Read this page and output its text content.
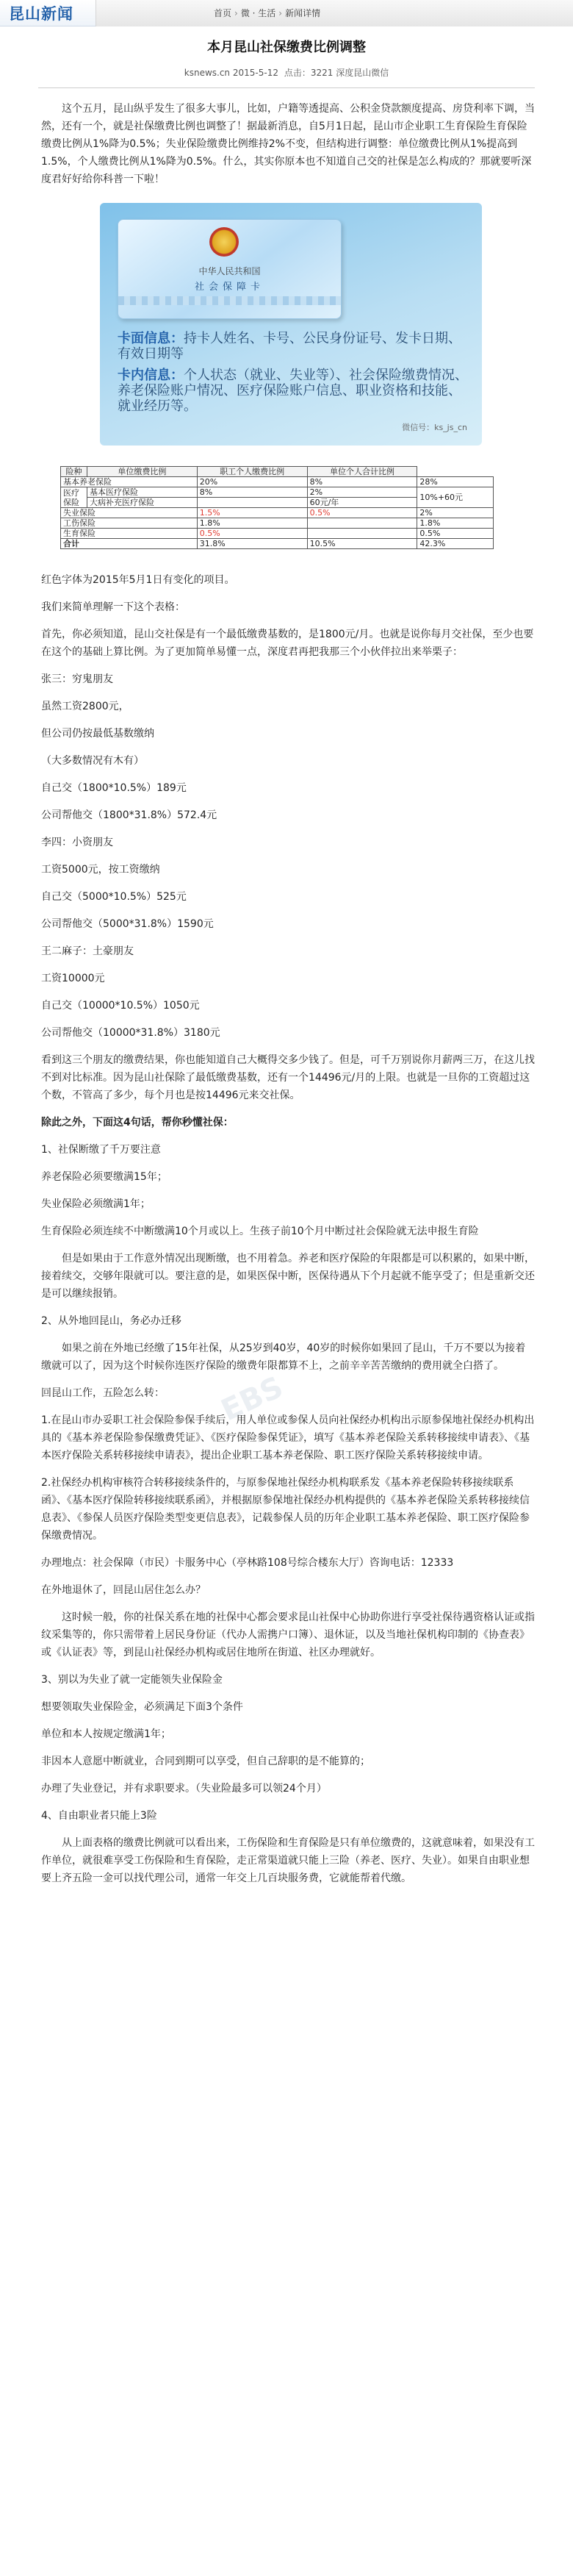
昆山新闻	首页 › 微 · 生活 › 新闻详情
本月昆山社保缴费比例调整
ksnews.cn 2015-5-12 点击：3221 深度昆山微信

这个五月，昆山纵乎发生了很多大事儿，比如，户籍等透提高、公积金贷款额度提高、房贷利率下调，当然，还有一个，就是社保缴费比例也调整了！据最新消息，自5月1日起，昆山市企业职工生育保险生育保险缴费比例从1%降为0.5%；失业保险缴费比例维持2%不变，但结构进行调整：单位缴费比例从1%提高到1.5%，个人缴费比例从1%降为0.5%。什么，其实你原本也不知道自己交的社保是怎么构成的？那就要听深度君好好给你科普一下啦！

中华人民共和国
社会保障卡
卡面信息：持卡人姓名、卡号、公民身份证号、发卡日期、有效日期等
卡内信息：个人状态（就业、失业等）、社会保险缴费情况、养老保险账户情况、医疗保险账户信息、职业资格和技能、就业经历等。
微信号：ks_js_cn
险种	单位缴费比例	职工个人缴费比例	单位个人合计比例	
基本养老保险		20%	8%	28%
医疗保险	基本医疗保险	8%	2%	10%+60元
	大病补充医疗保险		60元/年	
失业保险		1.5%	0.5%	2%
工伤保险		1.8%		1.8%
生育保险		0.5%		0.5%
合计		31.8%	10.5%	42.3%

红色字体为2015年5月1日有变化的项目。

我们来简单理解一下这个表格：

首先，你必须知道，昆山交社保是有一个最低缴费基数的，是1800元/月。也就是说你每月交社保，至少也要在这个的基础上算比例。为了更加简单易懂一点，深度君再把我那三个小伙伴拉出来举栗子：

张三：穷鬼朋友

虽然工资2800元，

但公司仍按最低基数缴纳

（大多数情况有木有）

自己交（1800*10.5%）189元

公司帮他交（1800*31.8%）572.4元

李四：小资朋友

工资5000元，按工资缴纳

自己交（5000*10.5%）525元

公司帮他交（5000*31.8%）1590元

王二麻子：土豪朋友

工资10000元

自己交（10000*10.5%）1050元

公司帮他交（10000*31.8%）3180元

看到这三个朋友的缴费结果，你也能知道自己大概得交多少钱了。但是，可千万别说你月薪两三万，在这儿找不到对比标准。因为昆山社保除了最低缴费基数，还有一个14496元/月的上限。也就是一旦你的工资超过这个数，不管高了多少，每个月也是按14496元来交社保。

除此之外，下面这4句话，帮你秒懂社保：

1、社保断缴了千万要注意

养老保险必须要缴满15年；

失业保险必须缴满1年；

生育保险必须连续不中断缴满10个月或以上。生孩子前10个月中断过社会保险就无法申报生育险

但是如果由于工作意外情况出现断缴，也不用着急。养老和医疗保险的年限都是可以积累的，如果中断，接着续交，交够年限就可以。要注意的是，如果医保中断，医保待遇从下个月起就不能享受了；但是重新交还是可以继续报销。

2、从外地回昆山，务必办迁移

如果之前在外地已经缴了15年社保，从25岁到40岁，40岁的时候你如果回了昆山，千万不要以为接着缴就可以了，因为这个时候你连医疗保险的缴费年限都算不上，之前辛辛苦苦缴纳的费用就全白搭了。

回昆山工作，五险怎么转：

1.在昆山市办妥职工社会保险参保手续后，用人单位或参保人员向社保经办机构出示原参保地社保经办机构出具的《基本养老保险参保缴费凭证》、《医疗保险参保凭证》，填写《基本养老保险关系转移接续申请表》、《基本医疗保险关系转移接续申请表》，提出企业职工基本养老保险、职工医疗保险关系转移接续申请。

2.社保经办机构审核符合转移接续条件的，与原参保地社保经办机构联系发《基本养老保险转移接续联系函》、《基本医疗保险转移接续联系函》，并根据原参保地社保经办机构提供的《基本养老保险关系转移接续信息表》、《参保人员医疗保险类型变更信息表》，记载参保人员的历年企业职工基本养老保险、职工医疗保险参保缴费情况。

办理地点：社会保障（市民）卡服务中心（亭林路108号综合楼东大厅）咨询电话：12333

在外地退休了，回昆山居住怎么办？

这时候一般，你的社保关系在地的社保中心都会要求昆山社保中心协助你进行享受社保待遇资格认证或指纹采集等的，你只需带着上居民身份证（代办人需携户口簿）、退休证，以及当地社保机构印制的《协查表》或《认证表》等，到昆山社保经办机构或居住地所在街道、社区办理就好。

3、别以为失业了就一定能领失业保险金

想要领取失业保险金，必须满足下面3个条件

单位和本人按规定缴满1年；

非因本人意愿中断就业，合同到期可以享受，但自己辞职的是不能算的；

办理了失业登记，并有求职要求。（失业险最多可以领24个月）

4、自由职业者只能上3险

从上面表格的缴费比例就可以看出来，工伤保险和生育保险是只有单位缴费的，这就意味着，如果没有工作单位，就很难享受工伤保险和生育保险，走正常渠道就只能上三险（养老、医疗、失业）。如果自由职业想要上齐五险一金可以找代理公司，通常一年交上几百块服务费，它就能帮着代缴。

EBS
